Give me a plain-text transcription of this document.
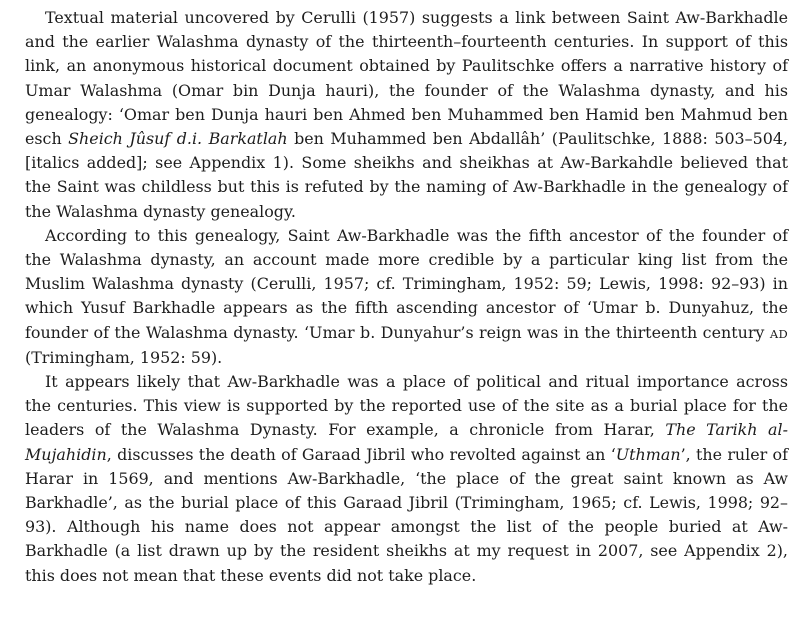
Textual material uncovered by Cerulli (1957) suggests a link between Saint Aw-Barkhadle and the earlier Walashma dynasty of the thirteenth–fourteenth centuries. In support of this link, an anonymous historical document obtained by Paulitschke offers a narrative history of Umar Walashma (Omar bin Dunja hauri), the founder of the Walashma dynasty, and his genealogy: ‘Omar ben Dunja hauri ben Ahmed ben Muhammed ben Hamid ben Mahmud ben esch Sheich Jûsuf d.i. Barkatlah ben Muhammed ben Abdallâh’ (Paulitschke, 1888: 503–504, [italics added]; see Appendix 1). Some sheikhs and sheikhas at Aw-Barkahdle believed that the Saint was childless but this is refuted by the naming of Aw-Barkhadle in the genealogy of the Walashma dynasty genealogy.

According to this genealogy, Saint Aw-Barkhadle was the fifth ancestor of the founder of the Walashma dynasty, an account made more credible by a particular king list from the Muslim Walashma dynasty (Cerulli, 1957; cf. Trimingham, 1952: 59; Lewis, 1998: 92–93) in which Yusuf Barkhadle appears as the fifth ascending ancestor of ‘Umar b. Dunyahuz, the founder of the Walashma dynasty. ‘Umar b. Dunyahur’s reign was in the thirteenth century AD (Trimingham, 1952: 59).

It appears likely that Aw-Barkhadle was a place of political and ritual importance across the centuries. This view is supported by the reported use of the site as a burial place for the leaders of the Walashma Dynasty. For example, a chronicle from Harar, The Tarikh al-Mujahidin, discusses the death of Garaad Jibril who revolted against an ‘Uthman’, the ruler of Harar in 1569, and mentions Aw-Barkhadle, ‘the place of the great saint known as Aw Barkhadle’, as the burial place of this Garaad Jibril (Trimingham, 1965; cf. Lewis, 1998; 92–93). Although his name does not appear amongst the list of the people buried at Aw-Barkhadle (a list drawn up by the resident sheikhs at my request in 2007, see Appendix 2), this does not mean that these events did not take place.
